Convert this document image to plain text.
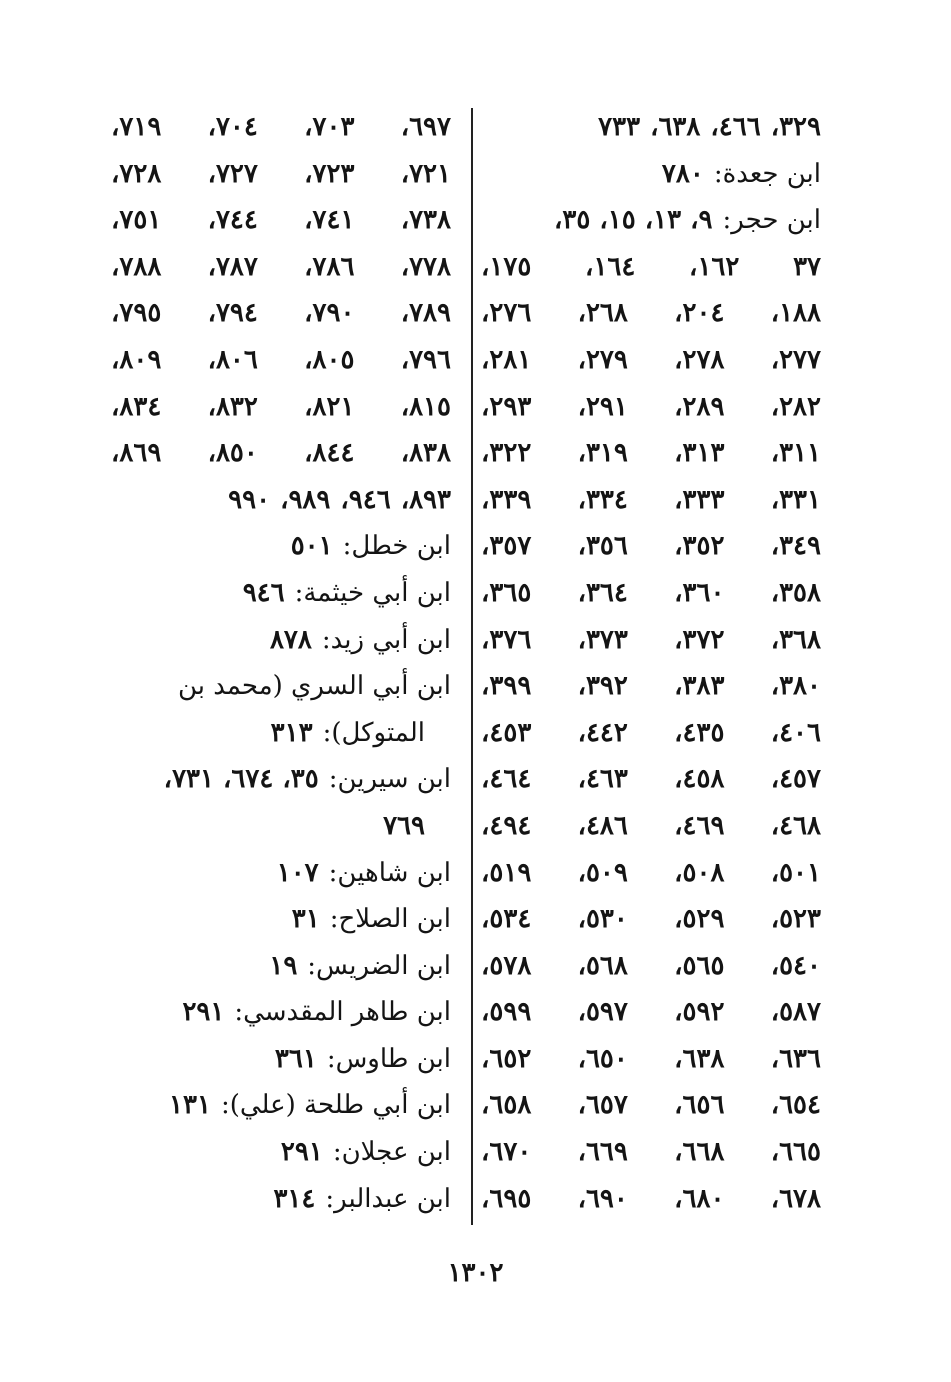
٣٢٩،
٤٦٦،
٦٣٨،
٧٣٣
ابن جعدة:
٧٨٠
ابن حجر:
٩، ١٣، ١٥، ٣٥،
٣٧
١٦٢،
١٦٤،
١٧٥،
١٨٨،
٢٠٤،
٢٦٨،
٢٧٦،
٢٧٧،
٢٧٨،
٢٧٩،
٢٨١،
٢٨٢،
٢٨٩،
٢٩١،
٢٩٣،
٣١١،
٣١٣،
٣١٩،
٣٢٢،
٣٣١،
٣٣٣،
٣٣٤،
٣٣٩،
٣٤٩،
٣٥٢،
٣٥٦،
٣٥٧،
٣٥٨،
٣٦٠،
٣٦٤،
٣٦٥،
٣٦٨،
٣٧٢،
٣٧٣،
٣٧٦،
٣٨٠،
٣٨٣،
٣٩٢،
٣٩٩،
٤٠٦،
٤٣٥،
٤٤٢،
٤٥٣،
٤٥٧،
٤٥٨،
٤٦٣،
٤٦٤،
٤٦٨،
٤٦٩،
٤٨٦،
٤٩٤،
٥٠١،
٥٠٨،
٥٠٩،
٥١٩،
٥٢٣،
٥٢٩،
٥٣٠،
٥٣٤،
٥٤٠،
٥٦٥،
٥٦٨،
٥٧٨،
٥٨٧،
٥٩٢،
٥٩٧،
٥٩٩،
٦٣٦،
٦٣٨،
٦٥٠،
٦٥٢،
٦٥٤،
٦٥٦،
٦٥٧،
٦٥٨،
٦٦٥،
٦٦٨،
٦٦٩،
٦٧٠،
٦٧٨،
٦٨٠،
٦٩٠،
٦٩٥،
٦٩٧،
٧٠٣،
٧٠٤،
٧١٩،
٧٢١،
٧٢٣،
٧٢٧،
٧٢٨،
٧٣٨،
٧٤١،
٧٤٤،
٧٥١،
٧٧٨،
٧٨٦،
٧٨٧،
٧٨٨،
٧٨٩،
٧٩٠،
٧٩٤،
٧٩٥،
٧٩٦،
٨٠٥،
٨٠٦،
٨٠٩،
٨١٥،
٨٢١،
٨٣٢،
٨٣٤،
٨٣٨،
٨٤٤،
٨٥٠،
٨٦٩،
٨٩٣،
٩٤٦،
٩٨٩،
٩٩٠
ابن خطل:
٥٠١
ابن أبي خيثمة:
٩٤٦
ابن أبي زيد:
٨٧٨
ابن أبي السري (محمد بن
المتوكل):
٣١٣
ابن سيرين:
٣٥، ٦٧٤، ٧٣١،
٧٦٩
ابن شاهين:
١٠٧
ابن الصلاح:
٣١
ابن الضريس:
١٩
ابن طاهر المقدسي:
٢٩١
ابن طاوس:
٣٦١
ابن أبي طلحة (علي):
١٣١
ابن عجلان:
٢٩١
ابن عبدالبر:
٣١٤
١٣٠٢
